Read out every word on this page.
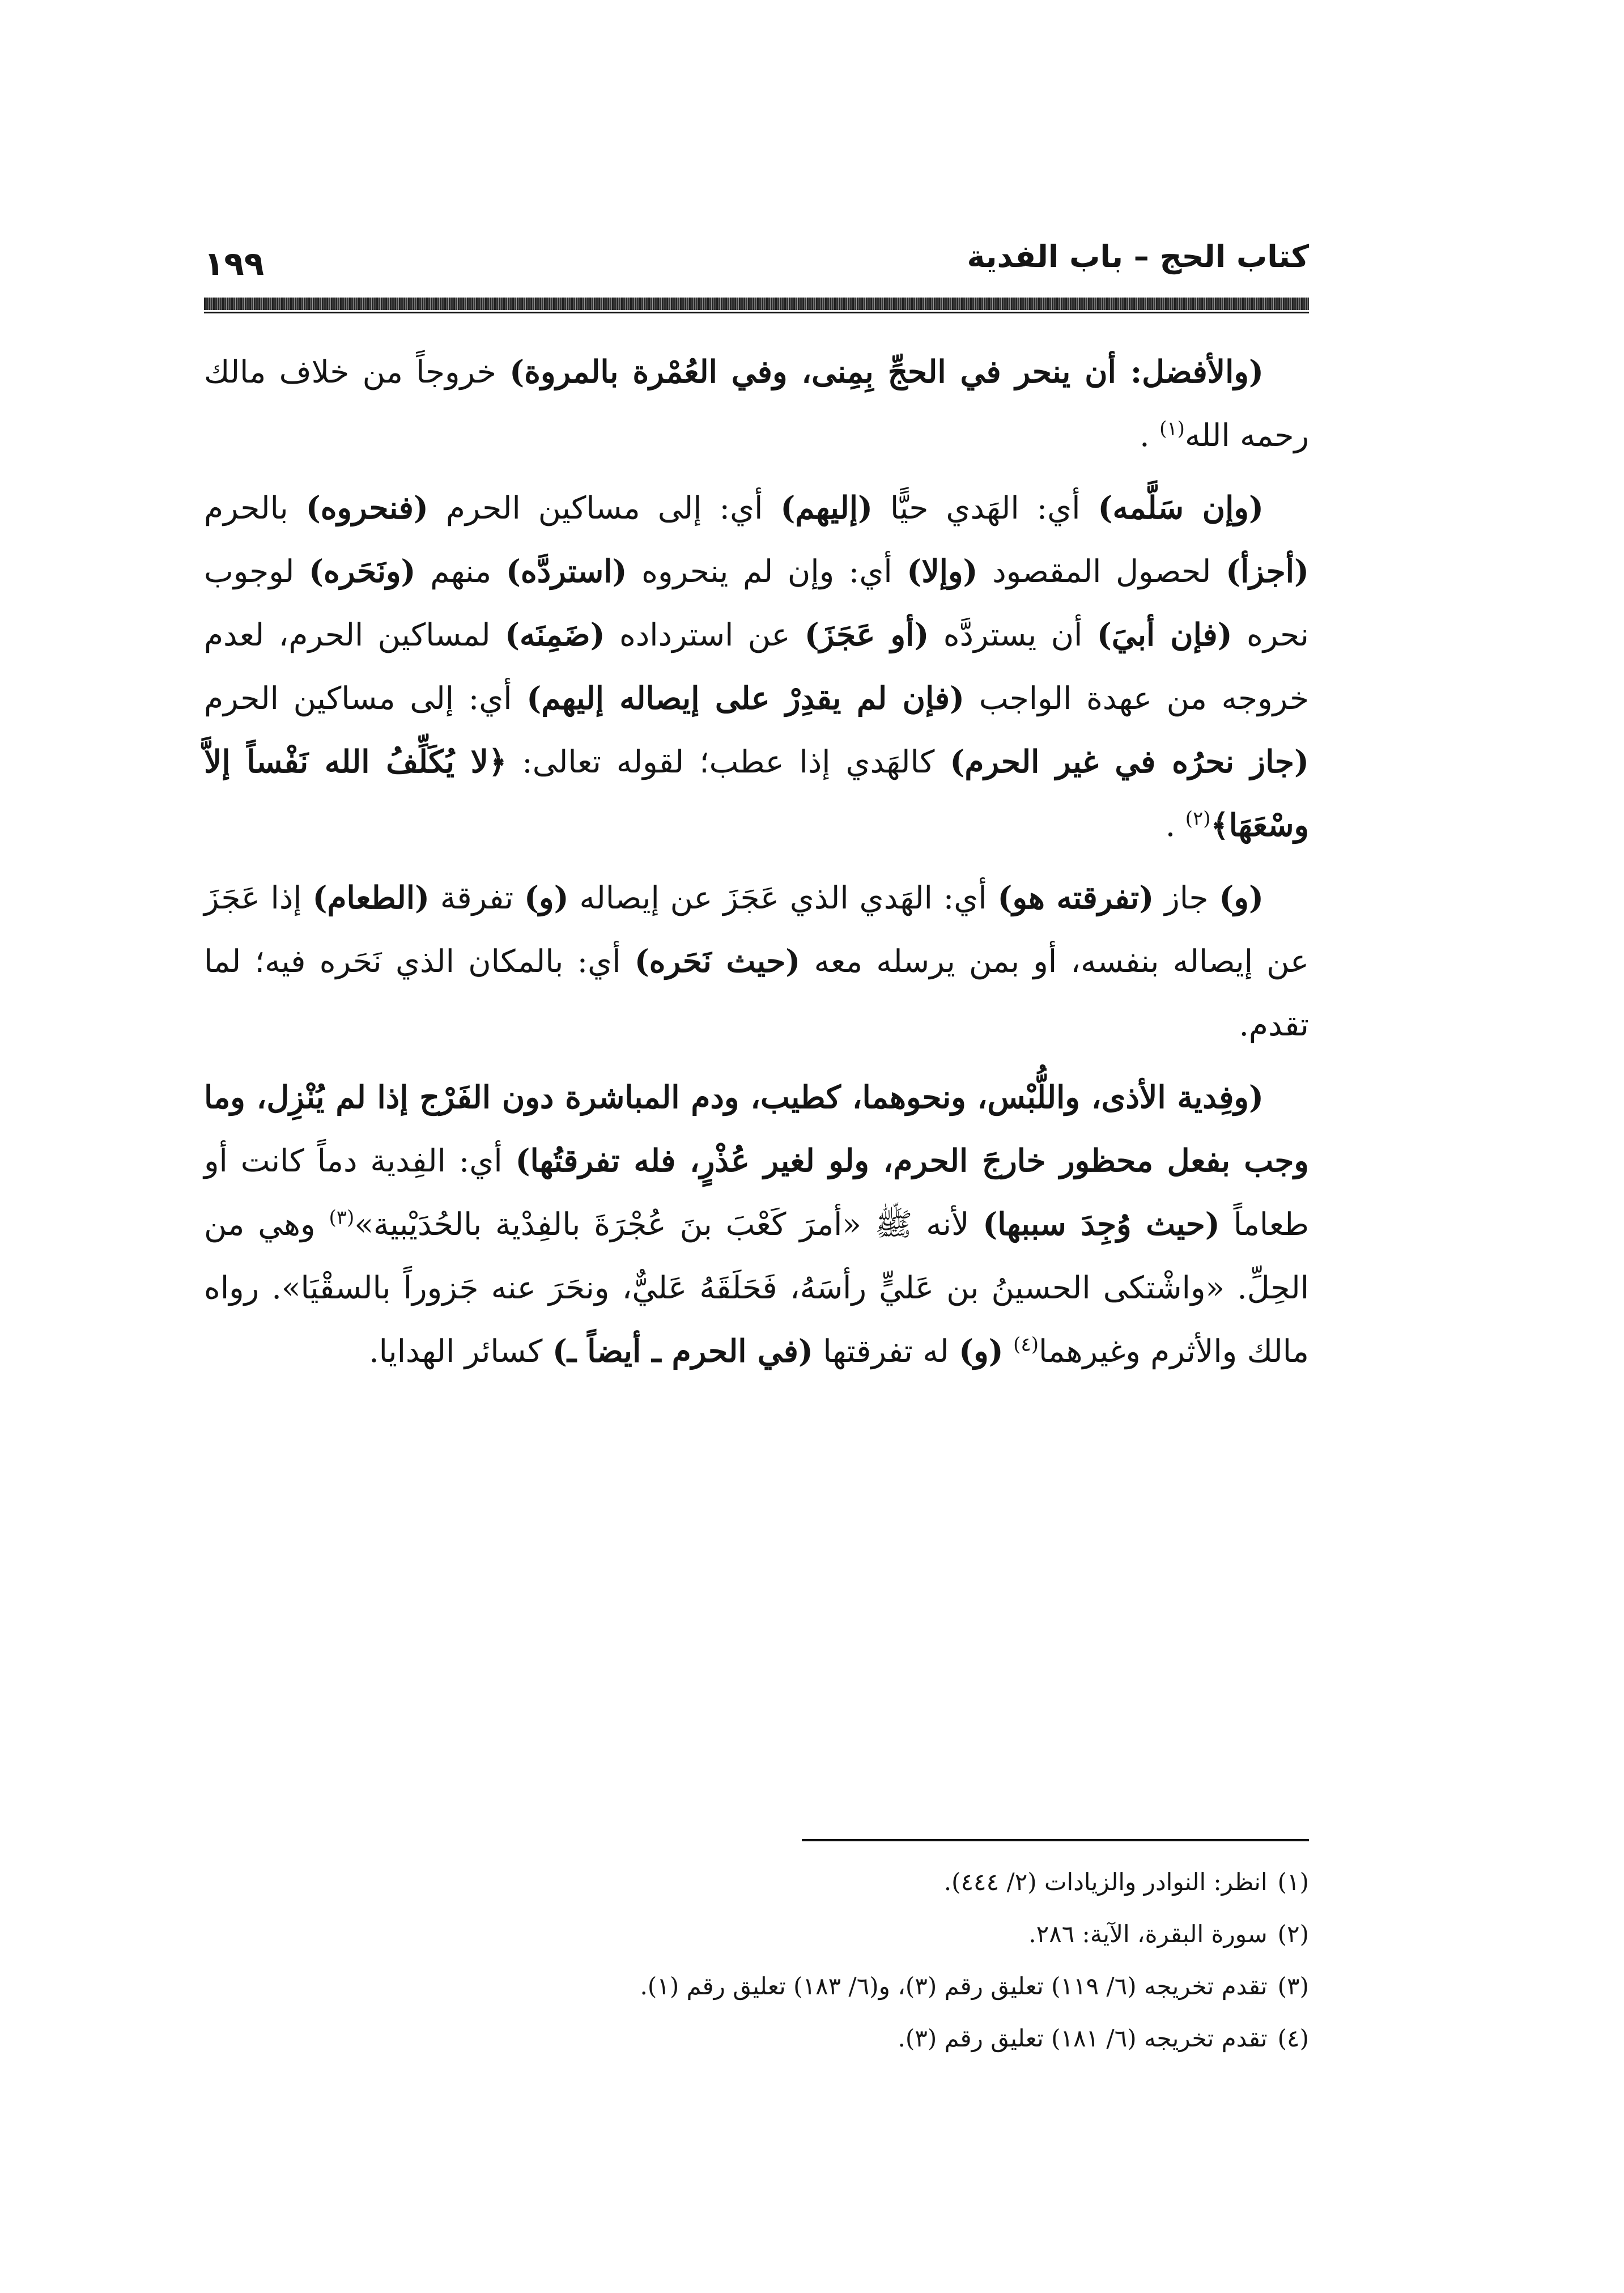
كتاب الحج – باب الفدية
١٩٩

(والأفضل: أن ينحر في الحجِّ بِمِنى، وفي العُمْرة بالمروة) خروجاً من خلاف مالك رحمه الله$^{(١)}$ .

(وإن سَلَّمه) أي: الهَدي حيًّا (إليهم) أي: إلى مساكين الحرم (فنحروه) بالحرم (أجزأ) لحصول المقصود (وإلا) أي: وإن لم ينحروه (استردَّه) منهم (ونَحَره) لوجوب نحره (فإن أبيَ) أن يستردَّه (أو عَجَزَ) عن استرداده (ضَمِنَه) لمساكين الحرم، لعدم خروجه من عهدة الواجب (فإن لم يقدِرْ على إيصاله إليهم) أي: إلى مساكين الحرم (جاز نحرُه في غير الحرم) كالهَدي إذا عطب؛ لقوله تعالى: ﴿لا يُكَلِّفُ الله نَفْساً إلاَّ وسْعَهَا﴾$^{(٢)}$ .

(و) جاز (تفرقته هو) أي: الهَدي الذي عَجَزَ عن إيصاله (و) تفرقة (الطعام) إذا عَجَزَ عن إيصاله بنفسه، أو بمن يرسله معه (حيث نَحَره) أي: بالمكان الذي نَحَره فيه؛ لما تقدم.

(وفِدية الأذى، واللُّبْس، ونحوهما، كطيب، ودم المباشرة دون الفَرْج إذا لم يُنْزِل، وما وجب بفعل محظور خارجَ الحرم، ولو لغير عُذْرٍ، فله تفرقتُها) أي: الفِدية دماً كانت أو طعاماً (حيث وُجِدَ سببها) لأنه ﷺ «أمرَ كَعْبَ بنَ عُجْرَةَ بالفِدْية بالحُدَيْبية»$^{(٣)}$ وهي من الحِلِّ. «واشْتكى الحسينُ بن عَليٍّ رأسَهُ، فَحَلَقَهُ عَليٌّ، ونحَرَ عنه جَزوراً بالسقْيَا». رواه مالك والأثرم وغيرهما$^{(٤)}$ (و) له تفرقتها (في الحرم ـ أيضاً ـ) كسائر الهدايا.

(١)انظر: النوادر والزيادات (٢/ ٤٤٤).
(٢)سورة البقرة، الآية: ٢٨٦.
(٣)تقدم تخريجه (٦/ ١١٩) تعليق رقم (٣)، و(٦/ ١٨٣) تعليق رقم (١).
(٤)تقدم تخريجه (٦/ ١٨١) تعليق رقم (٣).
